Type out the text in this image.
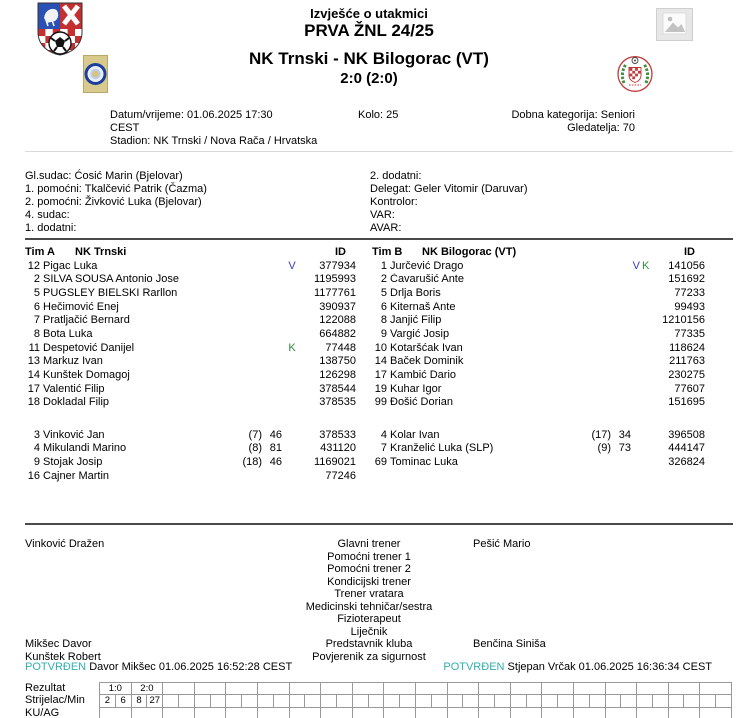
Izvješće o utakmici
PRVA ŽNL 24/25
NK Trnski - NK Bilogorac (VT)
2:0 (2:0)
Datum/vrijeme: 01.06.2025 17:30
CEST
Stadion: NK Trnski / Nova Rača / Hrvatska
Kolo: 25	Dobna kategorija: Seniori
Gledatelja: 70
Gl.sudac: Ćosić Marin (Bjelovar)
1. pomoćni: Tkalčević Patrik (Čazma)
2. pomoćni: Živković Luka (Bjelovar)
4. sudac:
1. dodatni:
2. dodatni:
Delegat: Geler Vitomir (Daruvar)
Kontrolor:
VAR:
AVAR:
Tim A	NK Trnski	ID
12 Pigac Luka	V	377934
2 SILVA SOUSA Antonio Jose	1195993
5 PUGSLEY BIELSKI Rarllon	1177761
6 Hečimović Enej	390937
7 Pratljačić Bernard	122088
8 Bota Luka	664882
11 Despetović Danijel	K	77448
13 Markuz Ivan	138750
14 Kunštek Domagoj	126298
17 Valentić Filip	378544
18 Dokladal Filip	378535
3 Vinković Jan	(7) 46	378533
4 Mikulandi Marino	(8) 81	431120
9 Stojak Josip	(18) 46	1169021
16 Cajner Martin	77246
Tim B	NK Bilogorac (VT)	ID
1 Jurčević Drago	VK	141056
2 Ćavarušić Ante	151692
5 Drlja Boris	77233
6 Kiternaš Ante	99493
8 Janjić Filip	1210156
9 Vargić Josip	77335
10 Kotaršćak Ivan	118624
14 Baček Dominik	211763
17 Kambić Dario	230275
19 Kuhar Igor	77607
99 Đošić Dorian	151695
4 Kolar Ivan	(17) 34	396508
7 Kranželić Luka (SLP)	(9) 73	444147
69 Tominac Luka	326824
Vinković Dražen	Glavni trener	Pešić Mario
Pomoćni trener 1
Pomoćni trener 2
Kondicijski trener
Trener vratara
Medicinski tehničar/sestra
Fizioterapeut
Liječnik
Mikšec Davor	Predstavnik kluba	Benčina Siniša
Kunštek Robert	Povjerenik za sigurnost
POTVRĐEN Davor Mikšec 01.06.2025 16:52:28 CEST	POTVRĐEN Stjepan Vrčak 01.06.2025 16:36:34 CEST
Rezultat
Strijelac/Min
KU/AG
1:0		2:0																																					
2	6	8	27																																				
